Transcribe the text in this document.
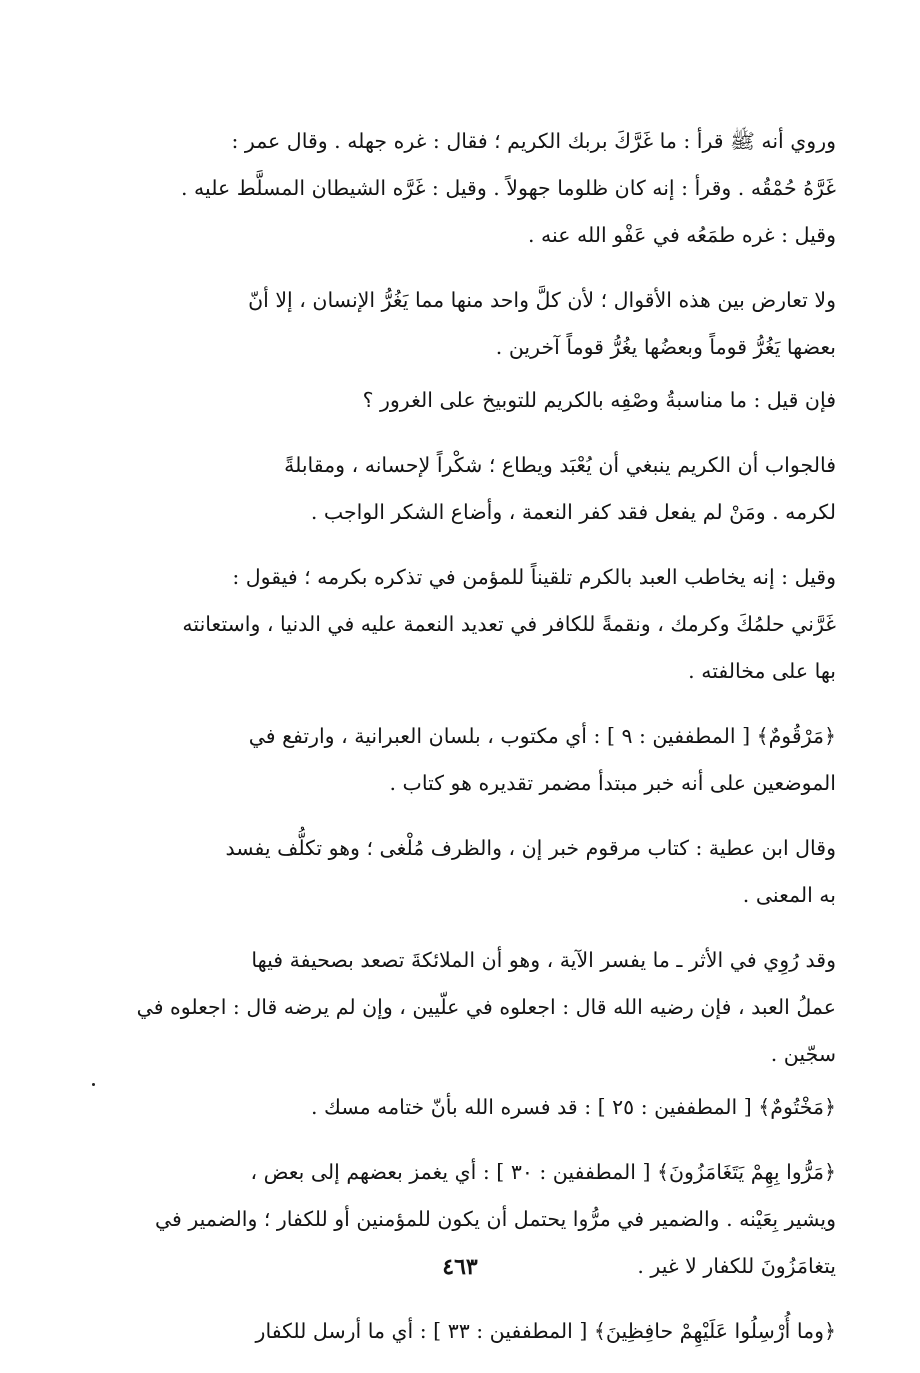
وروي أنه ﷺ قرأ : ما غَرَّكَ بربك الكريم ؛ فقال : غره جهله . وقال عمر :
غَرَّهُ حُمْقُه . وقرأ : إنه كان ظلوما جهولاً . وقيل : غَرَّه الشيطان المسلَّط عليه .
وقيل : غره طمَعُه في عَفْو الله عنه .
ولا تعارض بين هذه الأقوال ؛ لأن كلَّ واحد منها مما يَغُرُّ الإنسان ، إلا أنّ
بعضها يَغُرُّ قوماً وبعضُها يغُرُّ قوماً آخرين .
فإن قيل : ما مناسبةُ وصْفِه بالكريم للتوبيخ على الغرور ؟
فالجواب أن الكريم ينبغي أن يُعْبَد ويطاع ؛ شكْراً لإحسانه ، ومقابلةً
لكرمه . ومَنْ لم يفعل فقد كفر النعمة ، وأضاع الشكر الواجب .
وقيل : إنه يخاطب العبد بالكرم تلقيناً للمؤمن في تذكره بكرمه ؛ فيقول :
غَرَّني حلمُكَ وكرمك ، ونقمةً للكافر في تعديد النعمة عليه في الدنيا ، واستعانته
بها على مخالفته .
﴿مَرْقُومٌ﴾ [ المطففين : ٩ ] : أي مكتوب ، بلسان العبرانية ، وارتفع في
الموضعين على أنه خبر مبتدأ مضمر تقديره هو كتاب .
وقال ابن عطية : كتاب مرقوم خبر إن ، والظرف مُلْغى ؛ وهو تكلُّف يفسد
به المعنى .
وقد رُوِي في الأثر ـ ما يفسر الآية ، وهو أن الملائكةَ تصعد بصحيفة فيها
عملُ العبد ، فإن رضيه الله قال : اجعلوه في علّيين ، وإن لم يرضه قال : اجعلوه في
سجّين .
﴿مَخْتُومٌ﴾ [ المطففين : ٢٥ ] : قد فسره الله بأنّ ختامه مسك .
﴿مَرُّوا بِهِمْ يَتَغَامَزُونَ﴾ [ المطففين : ٣٠ ] : أي يغمز بعضهم إلى بعض ،
ويشير بِعَيْنه . والضمير في مرُّوا يحتمل أن يكون للمؤمنين أو للكفار ؛ والضمير في
يتغامَزُونَ للكفار لا غير .
﴿وما أُرْسِلُوا عَلَيْهِمْ حافِظِينَ﴾ [ المطففين : ٣٣ ] : أي ما أرسل للكفار
٤٦٣
